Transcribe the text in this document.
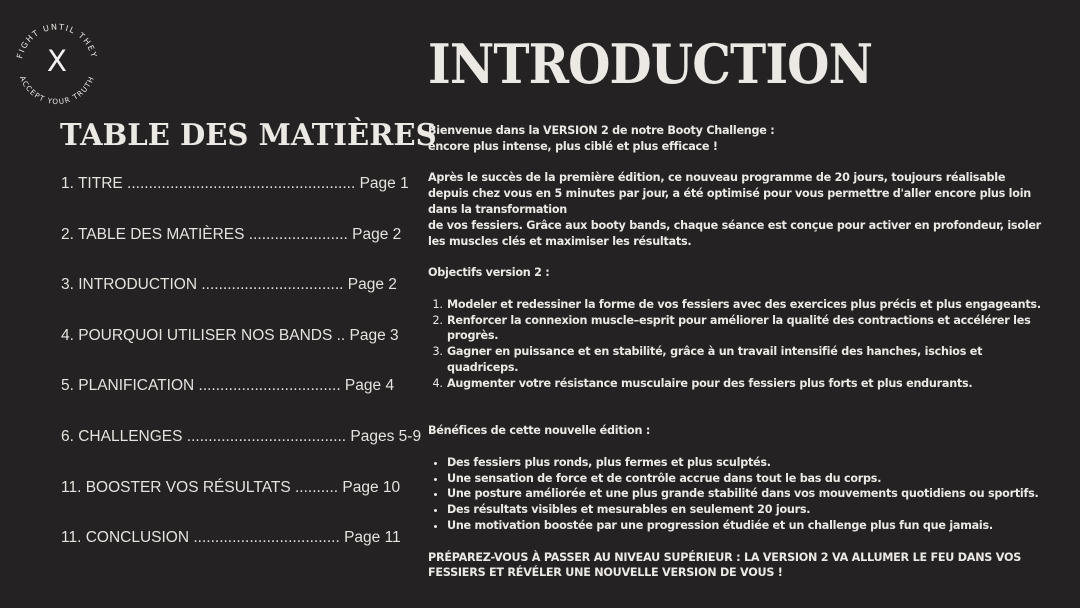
FIGHT UNTIL THEY
ACCEPT YOUR TRUTH
X
TABLE DES MATIÈRES
1. TITRE ..................................................... Page 1
2. TABLE DES MATIÈRES ....................... Page 2
3. INTRODUCTION ................................. Page 2
4. POURQUOI UTILISER NOS BANDS .. Page 3
5. PLANIFICATION ................................. Page 4
6. CHALLENGES ..................................... Pages 5-9
11. BOOSTER VOS RÉSULTATS .......... Page 10
11. CONCLUSION .................................. Page 11
INTRODUCTION

Bienvenue dans la VERSION 2 de notre Booty Challenge :

encore plus intense, plus ciblé et plus efficace !

Après le succès de la première édition, ce nouveau programme de 20 jours, toujours réalisable depuis chez vous en 5 minutes par jour, a été optimisé pour vous permettre d'aller encore plus loin dans la transformation

de vos fessiers. Grâce aux booty bands, chaque séance est conçue pour activer en profondeur, isoler les muscles clés et maximiser les résultats.

Objectifs version 2 :

1. Modeler et redessiner la forme de vos fessiers avec des exercices plus précis et plus engageants.
2. Renforcer la connexion muscle–esprit pour améliorer la qualité des contractions et accélérer les progrès.
3. Gagner en puissance et en stabilité, grâce à un travail intensifié des hanches, ischios et quadriceps.
4. Augmenter votre résistance musculaire pour des fessiers plus forts et plus endurants.

Bénéfices de cette nouvelle édition :

• Des fessiers plus ronds, plus fermes et plus sculptés.
• Une sensation de force et de contrôle accrue dans tout le bas du corps.
• Une posture améliorée et une plus grande stabilité dans vos mouvements quotidiens ou sportifs.
• Des résultats visibles et mesurables en seulement 20 jours.
• Une motivation boostée par une progression étudiée et un challenge plus fun que jamais.

PRÉPAREZ-VOUS À PASSER AU NIVEAU SUPÉRIEUR : LA VERSION 2 VA ALLUMER LE FEU DANS VOS FESSIERS ET RÉVÉLER UNE NOUVELLE VERSION DE VOUS !
